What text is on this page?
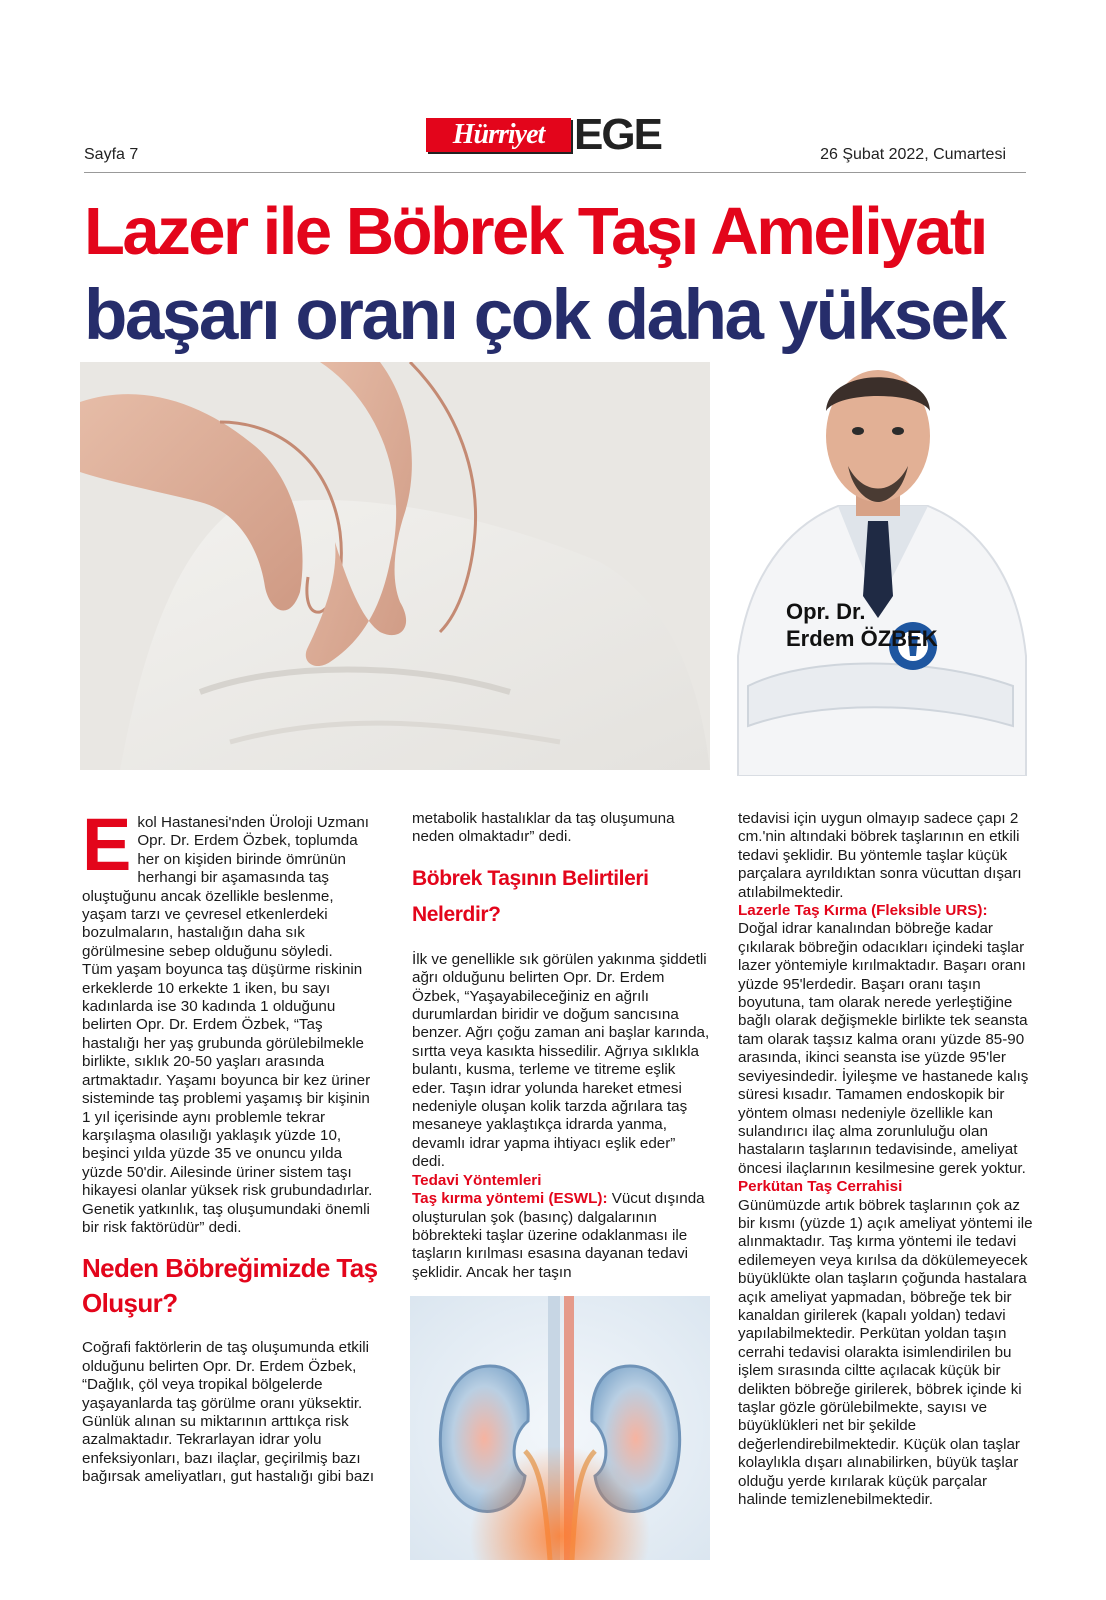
Sayfa 7
Hürriyet EGE	26 Şubat 2022, Cumartesi
Lazer ile Böbrek Taşı Ameliyatı
başarı oranı çok daha yüksek
Opr. Dr.
Erdem ÖZBEK

Ekol Hastanesi'nden Üroloji Uzmanı Opr. Dr. Erdem Özbek, toplumda her on kişiden birinde ömrünün herhangi bir aşamasında taş oluştuğunu ancak özellikle beslenme, yaşam tarzı ve çevresel etkenlerdeki bozulmaların, hastalığın daha sık görülmesine sebep olduğunu söyledi.

Tüm yaşam boyunca taş düşürme riskinin erkeklerde 10 erkekte 1 iken, bu sayı kadınlarda ise 30 kadında 1 olduğunu belirten Opr. Dr. Erdem Özbek, “Taş hastalığı her yaş grubunda görülebilmekle birlikte, sıklık 20-50 yaşları arasında artmaktadır. Yaşamı boyunca bir kez üriner sisteminde taş problemi yaşamış bir kişinin 1 yıl içerisinde aynı problemle tekrar karşılaşma olasılığı yaklaşık yüzde 10, beşinci yılda yüzde 35 ve onuncu yılda yüzde 50'dir. Ailesinde üriner sistem taşı hikayesi olanlar yüksek risk grubundadırlar. Genetik yatkınlık, taş oluşumundaki önemli bir risk faktörüdür” dedi.

Neden Böbreğimizde Taş Oluşur?

Coğrafi faktörlerin de taş oluşumunda etkili olduğunu belirten Opr. Dr. Erdem Özbek, “Dağlık, çöl veya tropikal bölgelerde yaşayanlarda taş görülme oranı yüksektir. Günlük alınan su miktarının arttıkça risk azalmaktadır. Tekrarlayan idrar yolu enfeksiyonları, bazı ilaçlar, geçirilmiş bazı bağırsak ameliyatları, gut hastalığı gibi bazı

metabolik hastalıklar da taş oluşumuna neden olmaktadır” dedi.

Böbrek Taşının Belirtileri Nelerdir?

İlk ve genellikle sık görülen yakınma şiddetli ağrı olduğunu belirten Opr. Dr. Erdem Özbek, “Yaşayabileceğiniz en ağrılı durumlardan biridir ve doğum sancısına benzer. Ağrı çoğu zaman ani başlar karında, sırtta veya kasıkta hissedilir. Ağrıya sıklıkla bulantı, kusma, terleme ve titreme eşlik eder. Taşın idrar yolunda hareket etmesi nedeniyle oluşan kolik tarzda ağrılara taş mesaneye yaklaştıkça idrarda yanma, devamlı idrar yapma ihtiyacı eşlik eder” dedi.

Tedavi Yöntemleri
Taş kırma yöntemi (ESWL): Vücut dışında oluşturulan şok (basınç) dalgalarının böbrekteki taşlar üzerine odaklanması ile taşların kırılması esasına dayanan tedavi şeklidir. Ancak her taşın

tedavisi için uygun olmayıp sadece çapı 2 cm.'nin altındaki böbrek taşlarının en etkili tedavi şeklidir. Bu yöntemle taşlar küçük parçalara ayrıldıktan sonra vücuttan dışarı atılabilmektedir.

Lazerle Taş Kırma (Fleksible URS):

Doğal idrar kanalından böbreğe kadar çıkılarak böbreğin odacıkları içindeki taşlar lazer yöntemiyle kırılmaktadır. Başarı oranı yüzde 95'lerdedir. Başarı oranı taşın boyutuna, tam olarak nerede yerleştiğine bağlı olarak değişmekle birlikte tek seansta tam olarak taşsız kalma oranı yüzde 85-90 arasında, ikinci seansta ise yüzde 95'ler seviyesindedir. İyileşme ve hastanede kalış süresi kısadır. Tamamen endoskopik bir yöntem olması nedeniyle özellikle kan sulandırıcı ilaç alma zorunluluğu olan hastaların taşlarının tedavisinde, ameliyat öncesi ilaçlarının kesilmesine gerek yoktur.

Perkütan Taş Cerrahisi

Günümüzde artık böbrek taşlarının çok az bir kısmı (yüzde 1) açık ameliyat yöntemi ile alınmaktadır. Taş kırma yöntemi ile tedavi edilemeyen veya kırılsa da dökülemeyecek büyüklükte olan taşların çoğunda hastalara açık ameliyat yapmadan, böbreğe tek bir kanaldan girilerek (kapalı yoldan) tedavi yapılabilmektedir. Perkütan yoldan taşın cerrahi tedavisi olarakta isimlendirilen bu işlem sırasında ciltte açılacak küçük bir delikten böbreğe girilerek, böbrek içinde ki taşlar gözle görülebilmekte, sayısı ve büyüklükleri net bir şekilde değerlendirebilmektedir. Küçük olan taşlar kolaylıkla dışarı alınabilirken, büyük taşlar olduğu yerde kırılarak küçük parçalar halinde temizlenebilmektedir.
